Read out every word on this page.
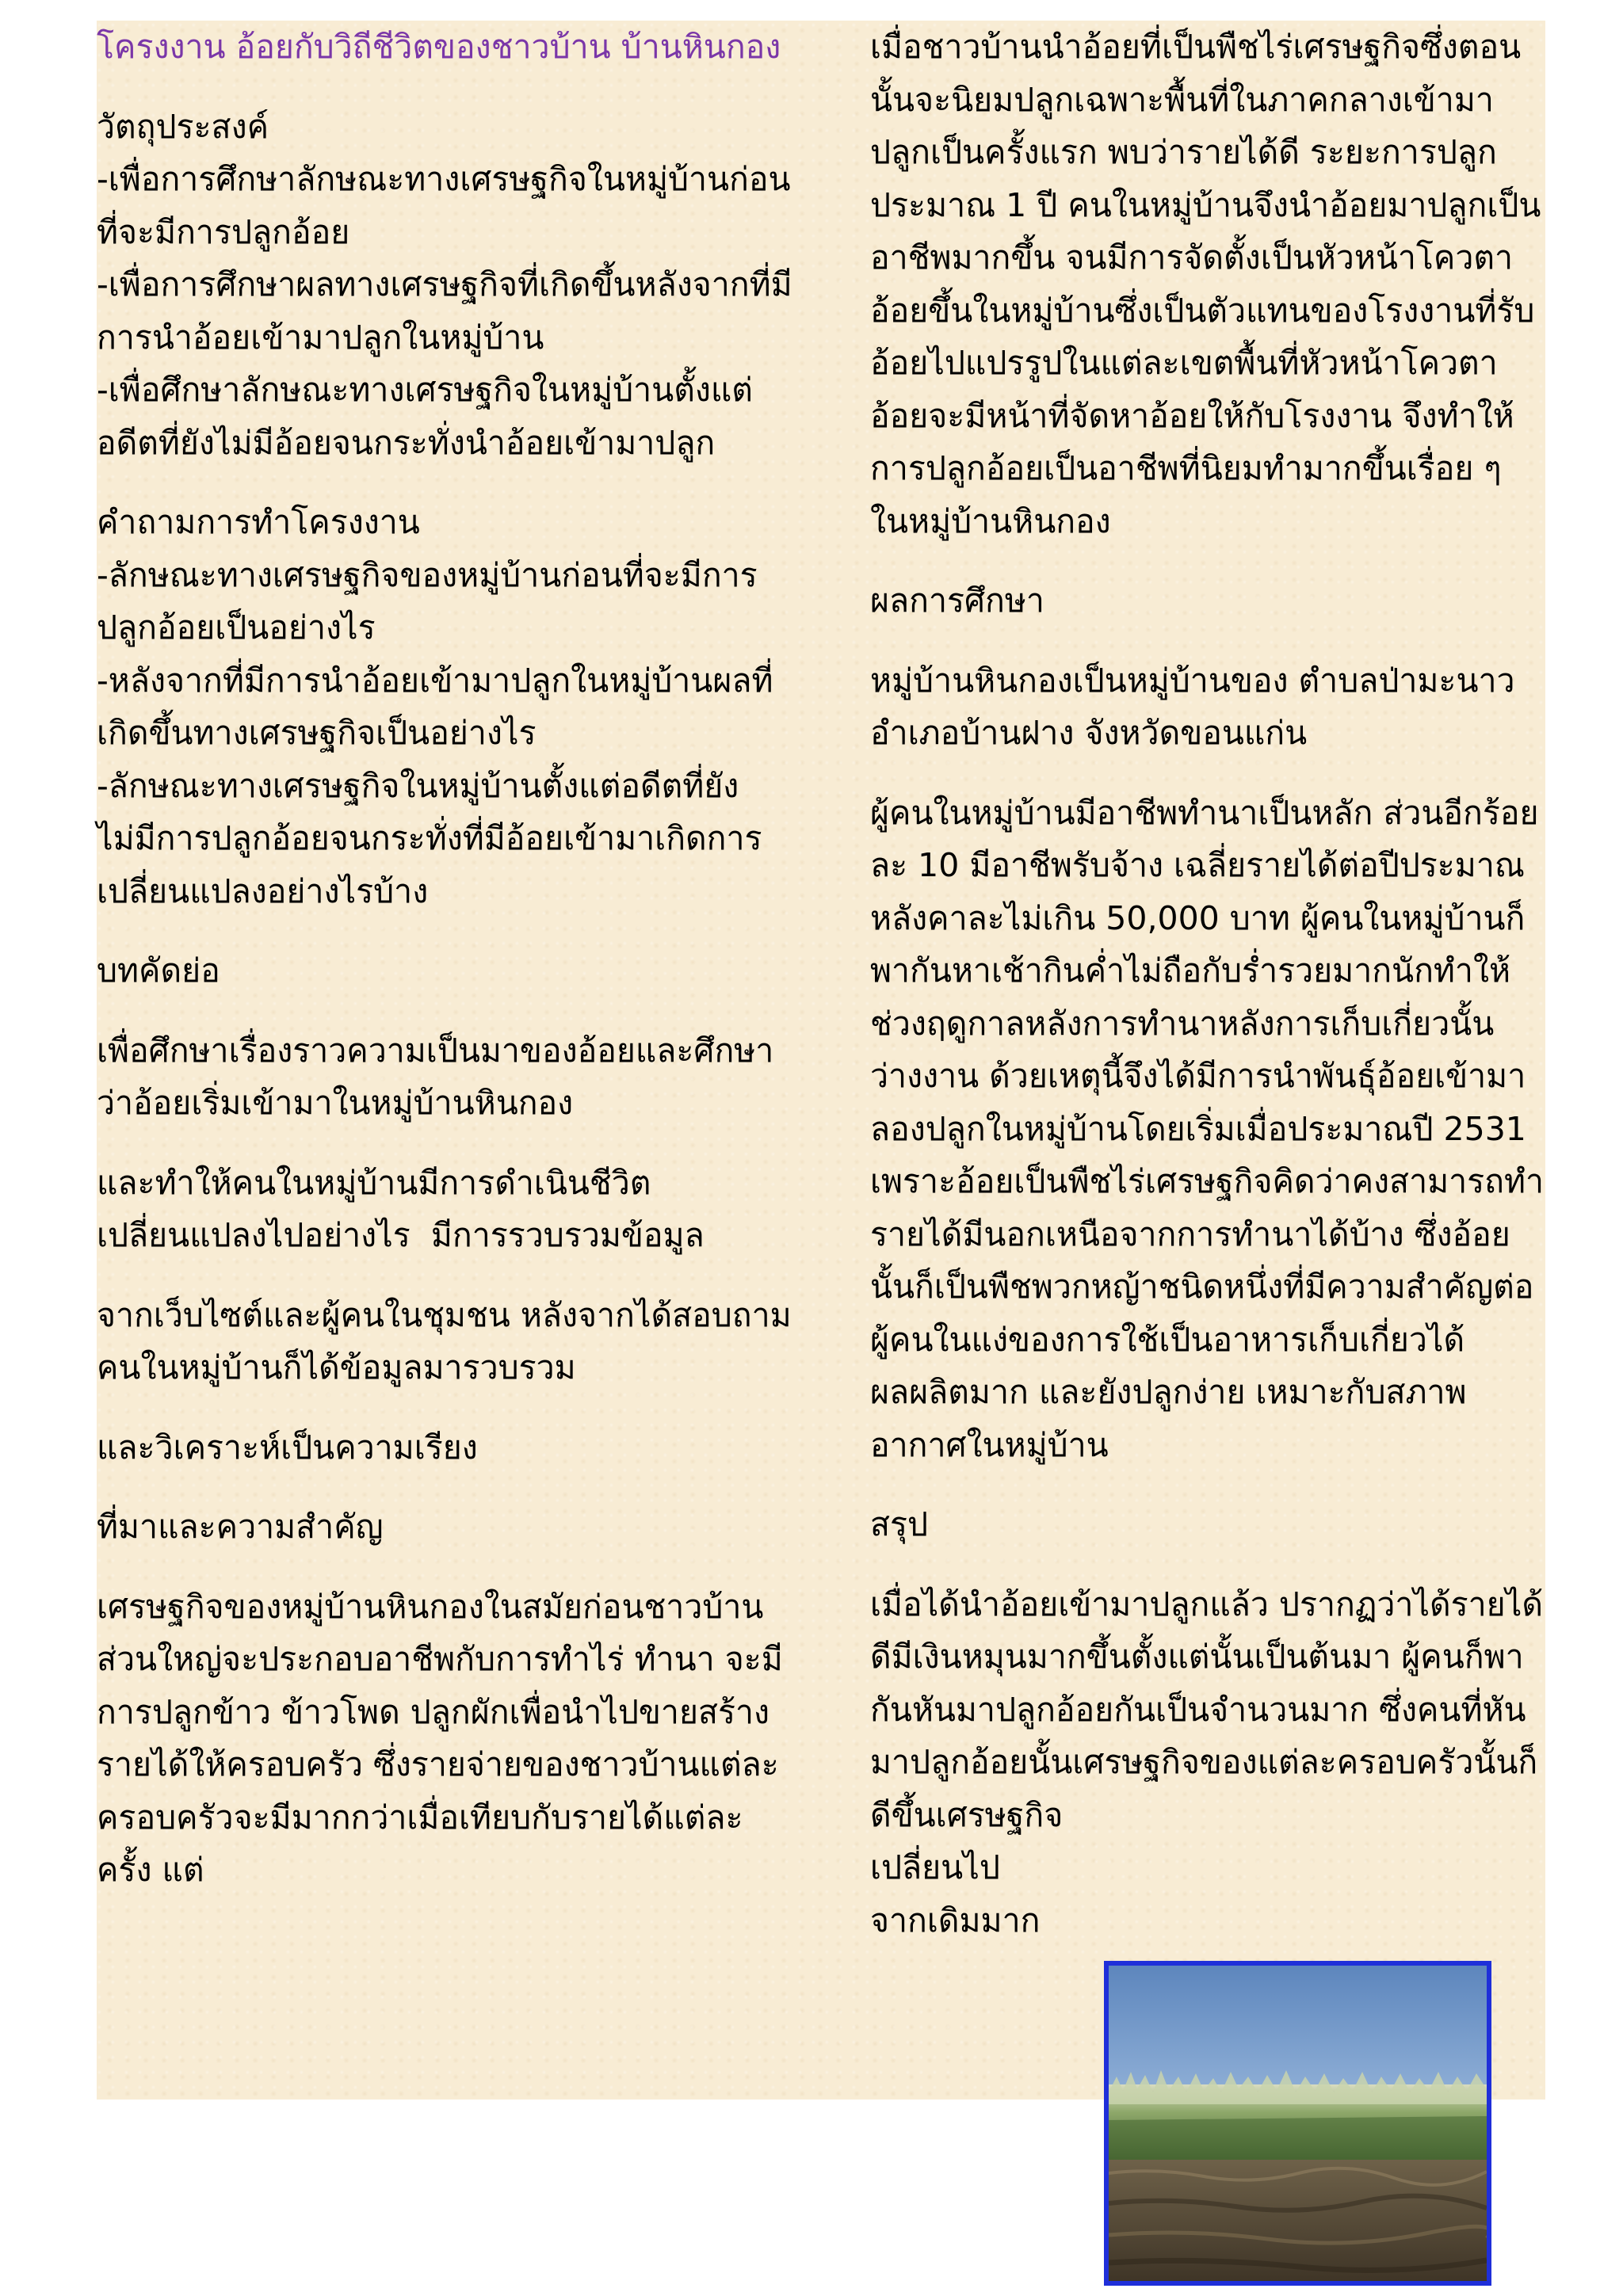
โครงงาน อ้อยกับวิถีชีวิตของชาวบ้าน บ้านหินกอง

วัตถุประสงค์
-เพื่อการศึกษาลักษณะทางเศรษฐกิจในหมู่บ้านก่อนที่จะมีการปลูกอ้อย
-เพื่อการศึกษาผลทางเศรษฐกิจที่เกิดขึ้นหลังจากที่มีการนำอ้อยเข้ามาปลูกในหมู่บ้าน
-เพื่อศึกษาลักษณะทางเศรษฐกิจในหมู่บ้านตั้งแต่อดีตที่ยังไม่มีอ้อยจนกระทั่งนำอ้อยเข้ามาปลูก

คำถามการทำโครงงาน
-ลักษณะทางเศรษฐกิจของหมู่บ้านก่อนที่จะมีการปลูกอ้อยเป็นอย่างไร
-หลังจากที่มีการนำอ้อยเข้ามาปลูกในหมู่บ้านผลที่เกิดขึ้นทางเศรษฐกิจเป็นอย่างไร
-ลักษณะทางเศรษฐกิจในหมู่บ้านตั้งแต่อดีตที่ยังไม่มีการปลูกอ้อยจนกระทั่งที่มีอ้อยเข้ามาเกิดการ     เปลี่ยนแปลงอย่างไรบ้าง

บทคัดย่อ

เพื่อศึกษาเรื่องราวความเป็นมาของอ้อยและศึกษาว่าอ้อยเริ่มเข้ามาในหมู่บ้านหินกอง

และทำให้คนในหมู่บ้านมีการดำเนินชีวิตเปลี่ยนแปลงไปอย่างไร  มีการรวบรวมข้อมูล

จากเว็บไซต์และผู้คนในชุมชน หลังจากได้สอบถามคนในหมู่บ้านก็ได้ข้อมูลมารวบรวม

และวิเคราะห์เป็นความเรียง

ที่มาและความสำคัญ

เศรษฐกิจของหมู่บ้านหินกองในสมัยก่อนชาวบ้านส่วนใหญ่จะประกอบอาชีพกับการทำไร่ ทำนา จะมีการปลูกข้าว ข้าวโพด ปลูกผักเพื่อนำไปขายสร้างรายได้ให้ครอบครัว ซึ่งรายจ่ายของชาวบ้านแต่ละครอบครัวจะมีมากกว่าเมื่อเทียบกับรายได้แต่ละครั้ง แต่

เมื่อชาวบ้านนำอ้อยที่เป็นพืชไร่เศรษฐกิจซึ่งตอนนั้นจะนิยมปลูกเฉพาะพื้นที่ในภาคกลางเข้ามาปลูกเป็นครั้งแรก พบว่ารายได้ดี ระยะการปลูกประมาณ 1 ปี คนในหมู่บ้านจึงนำอ้อยมาปลูกเป็นอาชีพมากขึ้น จนมีการจัดตั้งเป็นหัวหน้าโควตาอ้อยขึ้นในหมู่บ้านซึ่งเป็นตัวแทนของโรงงานที่รับอ้อยไปแปรรูปในแต่ละเขตพื้นที่หัวหน้าโควตาอ้อยจะมีหน้าที่จัดหาอ้อยให้กับโรงงาน จึงทำให้การปลูกอ้อยเป็นอาชีพที่นิยมทำมากขึ้นเรื่อย ๆ ในหมู่บ้านหินกอง

ผลการศึกษา

หมู่บ้านหินกองเป็นหมู่บ้านของ ตำบลป่ามะนาว อำเภอบ้านฝาง จังหวัดขอนแก่น

ผู้คนในหมู่บ้านมีอาชีพทำนาเป็นหลัก ส่วนอีกร้อยละ 10 มีอาชีพรับจ้าง เฉลี่ยรายได้ต่อปีประมาณหลังคาละไม่เกิน 50,000 บาท ผู้คนในหมู่บ้านก็พากันหาเช้ากินค่ำไม่ถือกับร่ำรวยมากนักทำให้ช่วงฤดูกาลหลังการทำนาหลังการเก็บเกี่ยวนั้นว่างงาน ด้วยเหตุนี้จึงได้มีการนำพันธุ์อ้อยเข้ามาลองปลูกในหมู่บ้านโดยเริ่มเมื่อประมาณปี 2531 เพราะอ้อยเป็นพืชไร่เศรษฐกิจคิดว่าคงสามารถทำรายได้มีนอกเหนือจากการทำนาได้บ้าง ซึ่งอ้อยนั้นก็เป็นพืชพวกหญ้าชนิดหนึ่งที่มีความสำคัญต่อผู้คนในแง่ของการใช้เป็นอาหารเก็บเกี่ยวได้ผลผลิตมาก และยังปลูกง่าย เหมาะกับสภาพอากาศในหมู่บ้าน

สรุป

เมื่อได้นำอ้อยเข้ามาปลูกแล้ว ปรากฏว่าได้รายได้ดีมีเงินหมุนมากขึ้นตั้งแต่นั้นเป็นต้นมา ผู้คนก็พากันหันมาปลูกอ้อยกันเป็นจำนวนมาก ซึ่งคนที่หันมาปลูกอ้อยนั้นเศรษฐกิจของแต่ละครอบครัวนั้นก็ดีขึ้นเศรษฐกิจ

เปลี่ยนไป

จากเดิมมาก
